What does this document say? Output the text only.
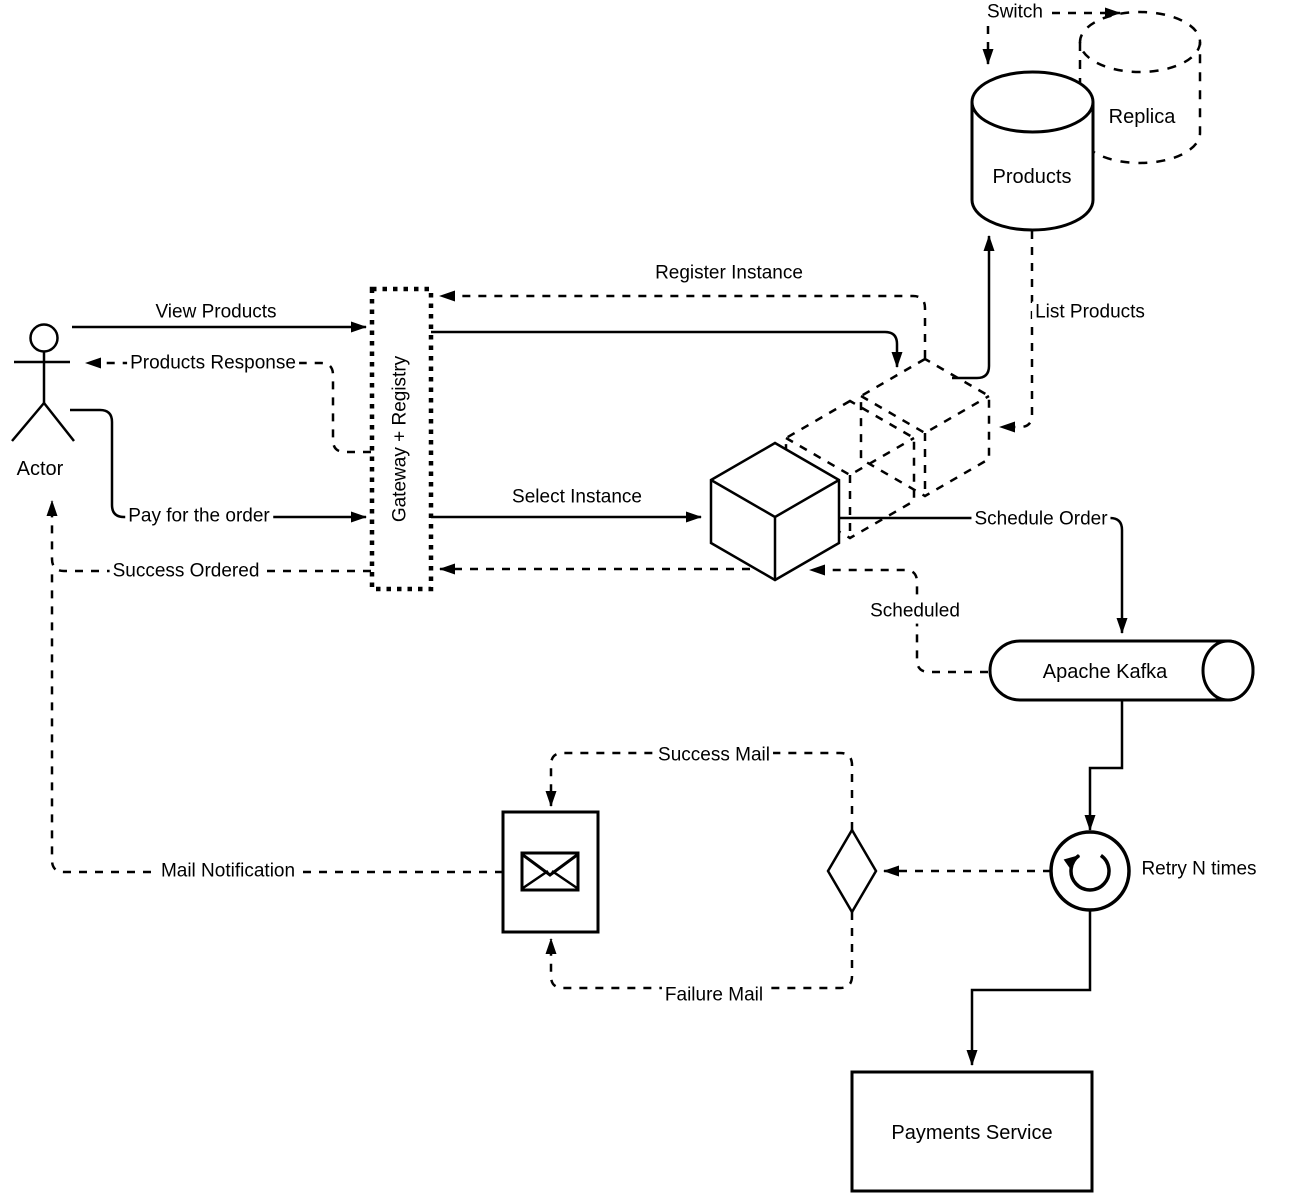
Actor	Gateway + Registry
Products
Replica
Apache Kafka
Retry N times
Payments Service
View Products
Products Response
Pay for the order
Success Ordered
Register Instance
Select Instance
List Products
Switch
Schedule Order
Scheduled
Success Mail
Failure Mail
Mail Notification
